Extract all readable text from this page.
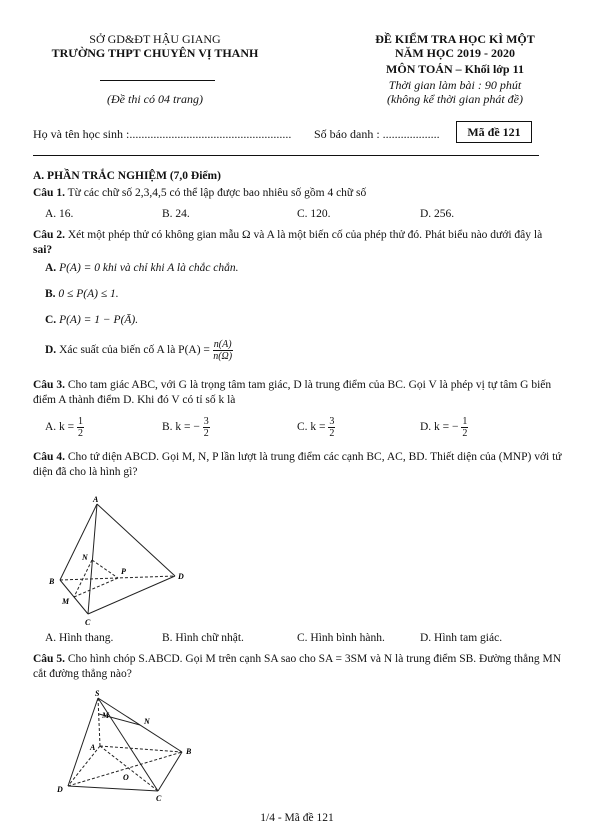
SỞ GD&ĐT HẬU GIANG
TRƯỜNG THPT CHUYÊN VỊ THANH
(Đề thi có 04 trang)
ĐỀ KIỂM TRA HỌC KÌ MỘT
NĂM HỌC 2019 - 2020
MÔN TOÁN – Khối lớp 11
Thời gian làm bài : 90 phút
(không kể thời gian phát đề)
Họ và tên học sinh :...................................................... Số báo danh : ...................	Mã đề 121
A. PHẦN TRẮC NGHIỆM (7,0 Điểm)
Câu 1. Từ các chữ số 2,3,4,5 có thể lập được bao nhiêu số gồm 4 chữ số
A. 16.	B. 24.	C. 120.	D. 256.
Câu 2. Xét một phép thử có không gian mẫu Ω và A là một biến cố của phép thử đó. Phát biểu nào dưới đây là sai?
A. P(A) = 0 khi và chỉ khi A là chắc chắn.
B. 0 ≤ P(A) ≤ 1.
C. P(A) = 1 − P(Ā).
D. Xác suất của biến cố A là $P(A) = \frac{n(A)}{n(\Omega)}$
Câu 3. Cho tam giác ABC, với G là trọng tâm tam giác, D là trung điểm của BC. Gọi V là phép vị tự tâm G biến điểm A thành điểm D. Khi đó V có tỉ số k là
A. $k = \frac{1}{2}$	B. k = − $\frac{3}{2}$	C. $k = \frac{3}{2}$	D. k = − $\frac{1}{2}$
Câu 4. Cho tứ diện ABCD. Gọi M, N, P lần lượt là trung điểm các cạnh BC, AC, BD. Thiết diện của (MNP) với tứ diện đã cho là hình gì?
A
B
C
D
N
P
M
A. Hình thang.	B. Hình chữ nhật.	C. Hình bình hành.	D. Hình tam giác.
Câu 5. Cho hình chóp S.ABCD. Gọi M trên cạnh SA sao cho SA = 3SM và N là trung điểm SB. Đường thẳng MN cắt đường thẳng nào?
S
M
N
A	B
O
D
C
1/4 - Mã đề 121
